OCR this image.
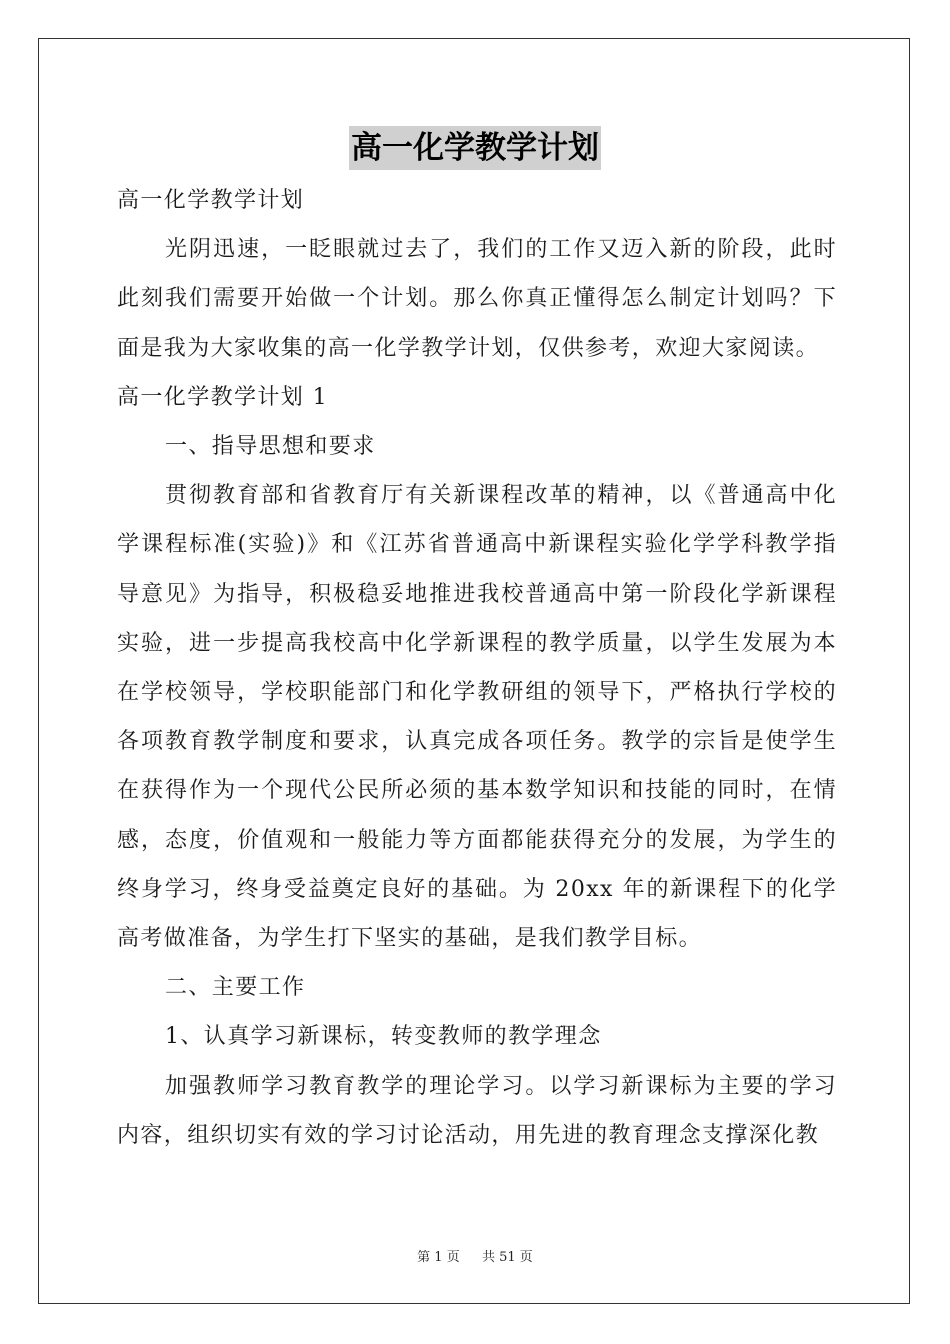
高一化学教学计划

高一化学教学计划

光阴迅速，一眨眼就过去了，我们的工作又迈入新的阶段，此时此刻我们需要开始做一个计划。那么你真正懂得怎么制定计划吗？下面是我为大家收集的高一化学教学计划，仅供参考，欢迎大家阅读。

高一化学教学计划 1

一、指导思想和要求

贯彻教育部和省教育厅有关新课程改革的精神，以《普通高中化学课程标准(实验)》和《江苏省普通高中新课程实验化学学科教学指导意见》为指导，积极稳妥地推进我校普通高中第一阶段化学新课程实验，进一步提高我校高中化学新课程的教学质量，以学生发展为本在学校领导，学校职能部门和化学教研组的领导下，严格执行学校的各项教育教学制度和要求，认真完成各项任务。教学的宗旨是使学生在获得作为一个现代公民所必须的基本数学知识和技能的同时，在情感，态度，价值观和一般能力等方面都能获得充分的发展，为学生的终身学习，终身受益奠定良好的基础。为 20xx 年的新课程下的化学高考做准备，为学生打下坚实的基础，是我们教学目标。

二、主要工作

1、认真学习新课标，转变教师的教学理念

加强教师学习教育教学的理论学习。以学习新课标为主要的学习内容，组织切实有效的学习讨论活动，用先进的教育理念支撑深化教

第 1 页 共 51 页
